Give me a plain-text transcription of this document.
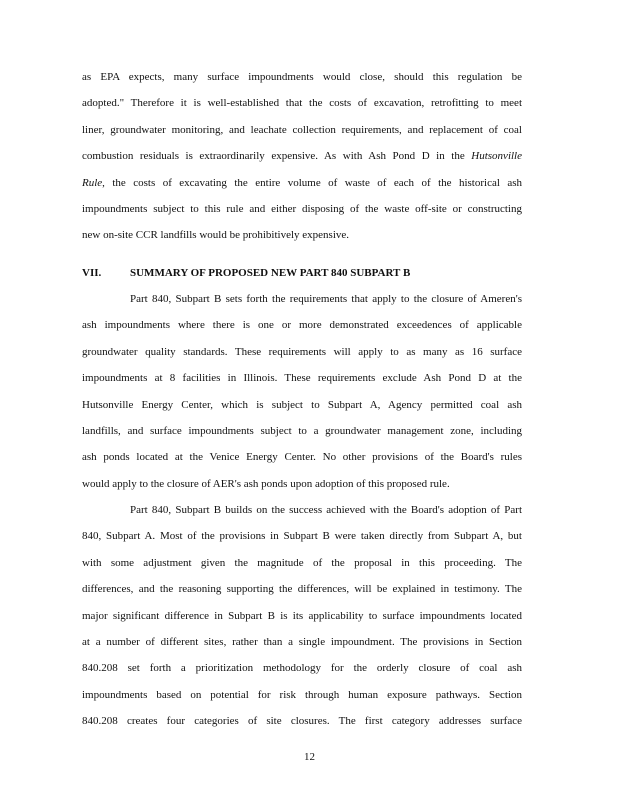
as EPA expects, many surface impoundments would close, should this regulation be
adopted." Therefore it is well-established that the costs of excavation, retrofitting to meet
liner, groundwater monitoring, and leachate collection requirements, and replacement of coal
combustion residuals is extraordinarily expensive. As with Ash Pond D in the Hutsonville
Rule, the costs of excavating the entire volume of waste of each of the historical ash
impoundments subject to this rule and either disposing of the waste off-site or constructing
new on-site CCR landfills would be prohibitively expensive.
VII.	SUMMARY OF PROPOSED NEW PART 840 SUBPART B
Part 840, Subpart B sets forth the requirements that apply to the closure of Ameren's
ash impoundments where there is one or more demonstrated exceedences of applicable
groundwater quality standards. These requirements will apply to as many as 16 surface
impoundments at 8 facilities in Illinois. These requirements exclude Ash Pond D at the
Hutsonville Energy Center, which is subject to Subpart A, Agency permitted coal ash
landfills, and surface impoundments subject to a groundwater management zone, including
ash ponds located at the Venice Energy Center. No other provisions of the Board's rules
would apply to the closure of AER's ash ponds upon adoption of this proposed rule.
Part 840, Subpart B builds on the success achieved with the Board's adoption of Part
840, Subpart A. Most of the provisions in Subpart B were taken directly from Subpart A, but
with some adjustment given the magnitude of the proposal in this proceeding. The
differences, and the reasoning supporting the differences, will be explained in testimony. The
major significant difference in Subpart B is its applicability to surface impoundments located
at a number of different sites, rather than a single impoundment. The provisions in Section
840.208 set forth a prioritization methodology for the orderly closure of coal ash
impoundments based on potential for risk through human exposure pathways. Section
840.208 creates four categories of site closures. The first category addresses surface
12
